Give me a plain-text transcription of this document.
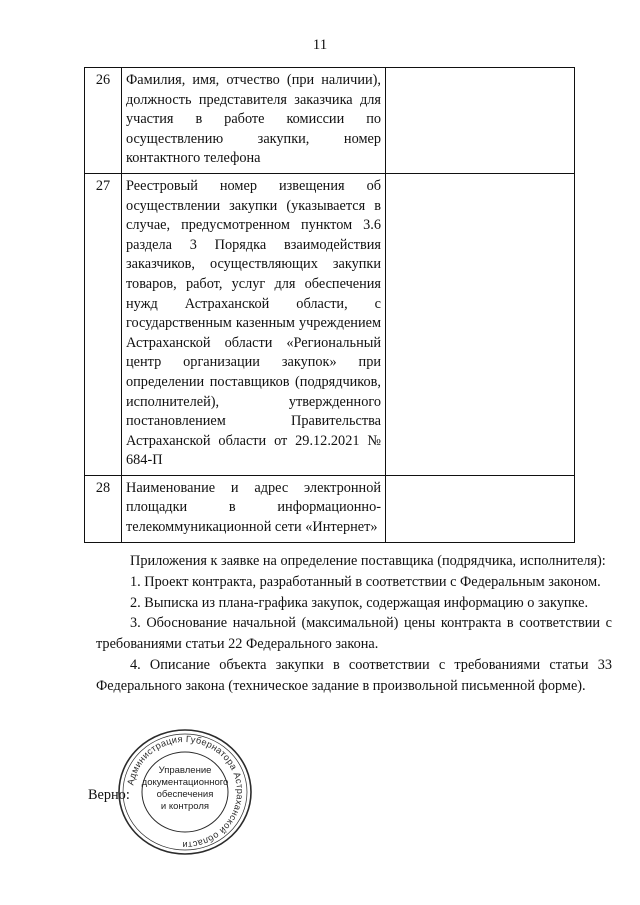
11
26	Фамилия, имя, отчество (при наличии), должность представителя заказчика для участия в работе комиссии по осуществлению закупки, номер контактного телефона	
27	Реестровый номер извещения об осуществлении закупки (указывается в случае, предусмотренном пунктом 3.6 раздела 3 Порядка взаимодействия заказчиков, осуществляющих закупки товаров, работ, услуг для обеспечения нужд Астраханской области, с государственным казенным учреждением Астраханской области «Региональный центр организации закупок» при определении поставщиков (подрядчиков, исполнителей), утвержденного постановлением Правительства Астраханской области от 29.12.2021 № 684-П	
28	Наименование и адрес электронной площадки в информационно-телекоммуникационной сети «Интернет»	

Приложения к заявке на определение поставщика (подрядчика, исполнителя):

1. Проект контракта, разработанный в соответствии с Федеральным законом.

2. Выписка из плана-графика закупок, содержащая информацию о закупке.

3. Обоснование начальной (максимальной) цены контракта в соответствии с требованиями статьи 22 Федерального закона.

4. Описание объекта закупки в соответствии с требованиями статьи 33 Федерального закона (техническое задание в произвольной письменной форме).

Верно:
Администрация Губернатора Астраханской области
Управление
документационного
обеспечения
и контроля
